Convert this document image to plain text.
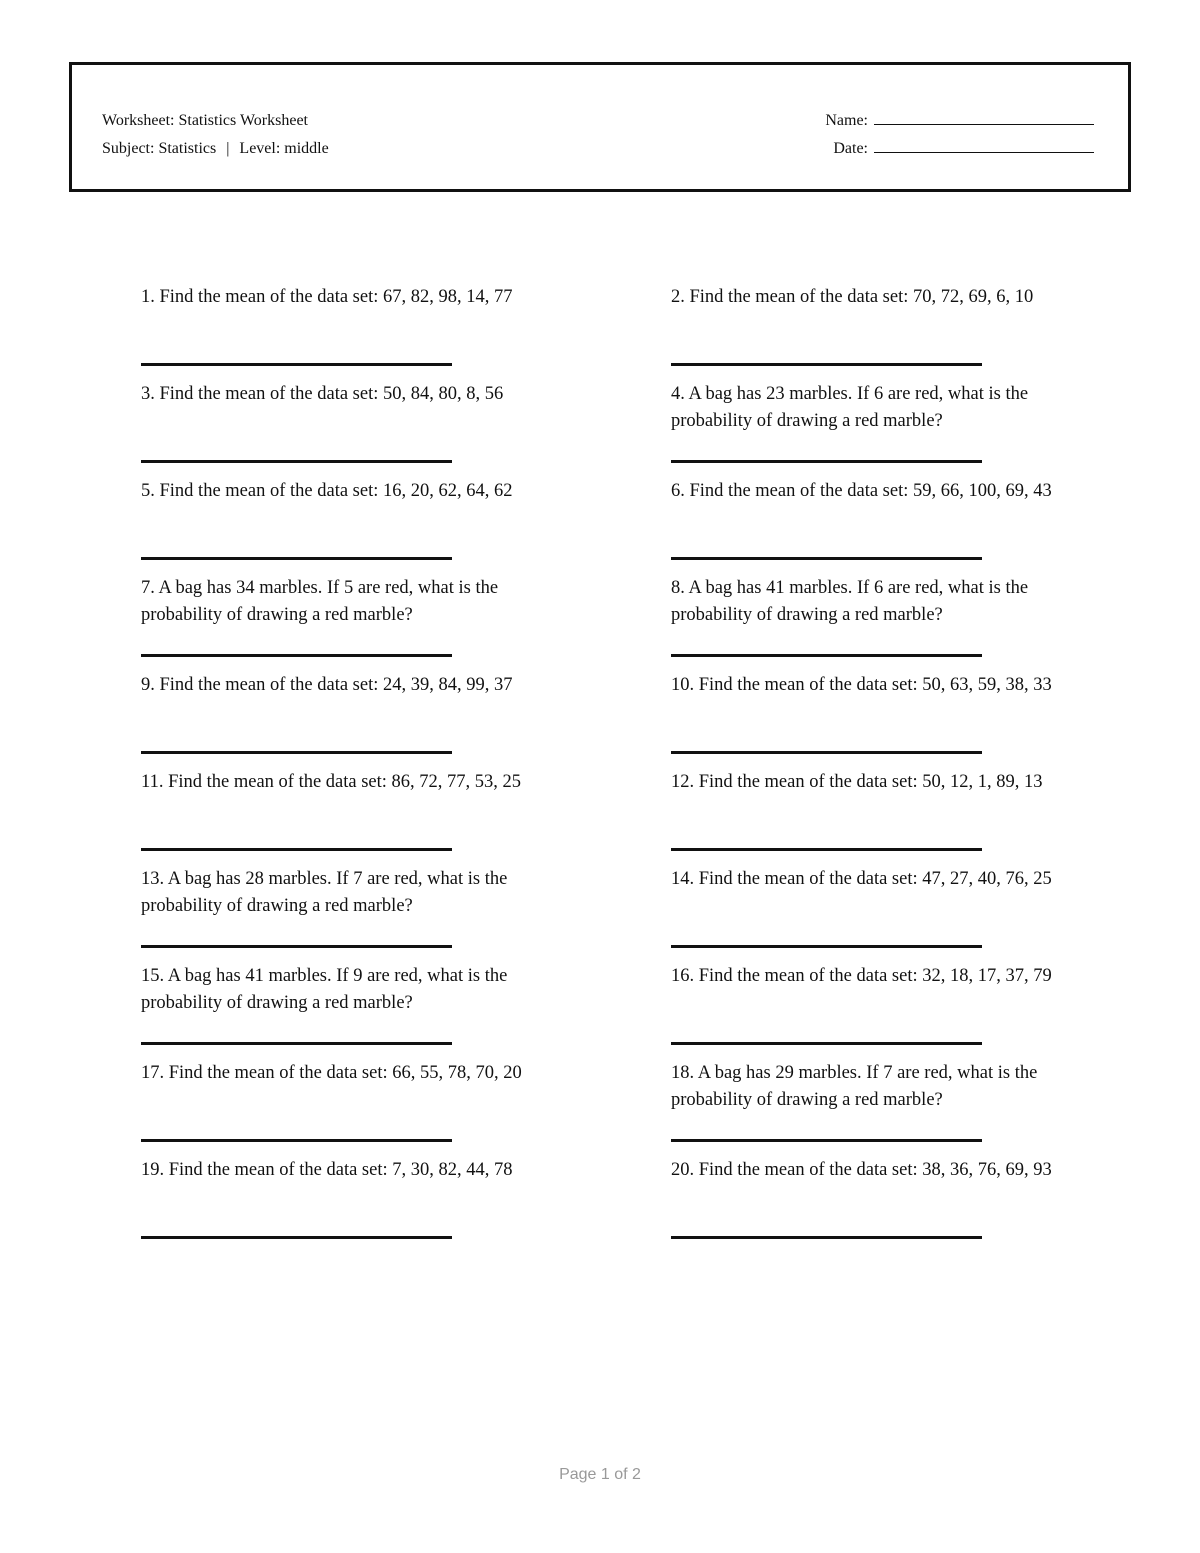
Worksheet: Statistics Worksheet
Subject: Statistics | Level: middle
Name:
Date:

1. Find the mean of the data set: 67, 82, 98, 14, 77	2. Find the mean of the data set: 70, 72, 69, 6, 10

3. Find the mean of the data set: 50, 84, 80, 8, 56	4. A bag has 23 marbles. If 6 are red, what is the probability of drawing a red marble?

5. Find the mean of the data set: 16, 20, 62, 64, 62	6. Find the mean of the data set: 59, 66, 100, 69, 43

7. A bag has 34 marbles. If 5 are red, what is the probability of drawing a red marble?

8. A bag has 41 marbles. If 6 are red, what is the probability of drawing a red marble?

9. Find the mean of the data set: 24, 39, 84, 99, 37	10. Find the mean of the data set: 50, 63, 59, 38, 33

11. Find the mean of the data set: 86, 72, 77, 53, 25	12. Find the mean of the data set: 50, 12, 1, 89, 13

13. A bag has 28 marbles. If 7 are red, what is the probability of drawing a red marble?

14. Find the mean of the data set: 47, 27, 40, 76, 25

15. A bag has 41 marbles. If 9 are red, what is the probability of drawing a red marble?

16. Find the mean of the data set: 32, 18, 17, 37, 79

17. Find the mean of the data set: 66, 55, 78, 70, 20	18. A bag has 29 marbles. If 7 are red, what is the probability of drawing a red marble?

19. Find the mean of the data set: 7, 30, 82, 44, 78	20. Find the mean of the data set: 38, 36, 76, 69, 93

Page 1 of 2
